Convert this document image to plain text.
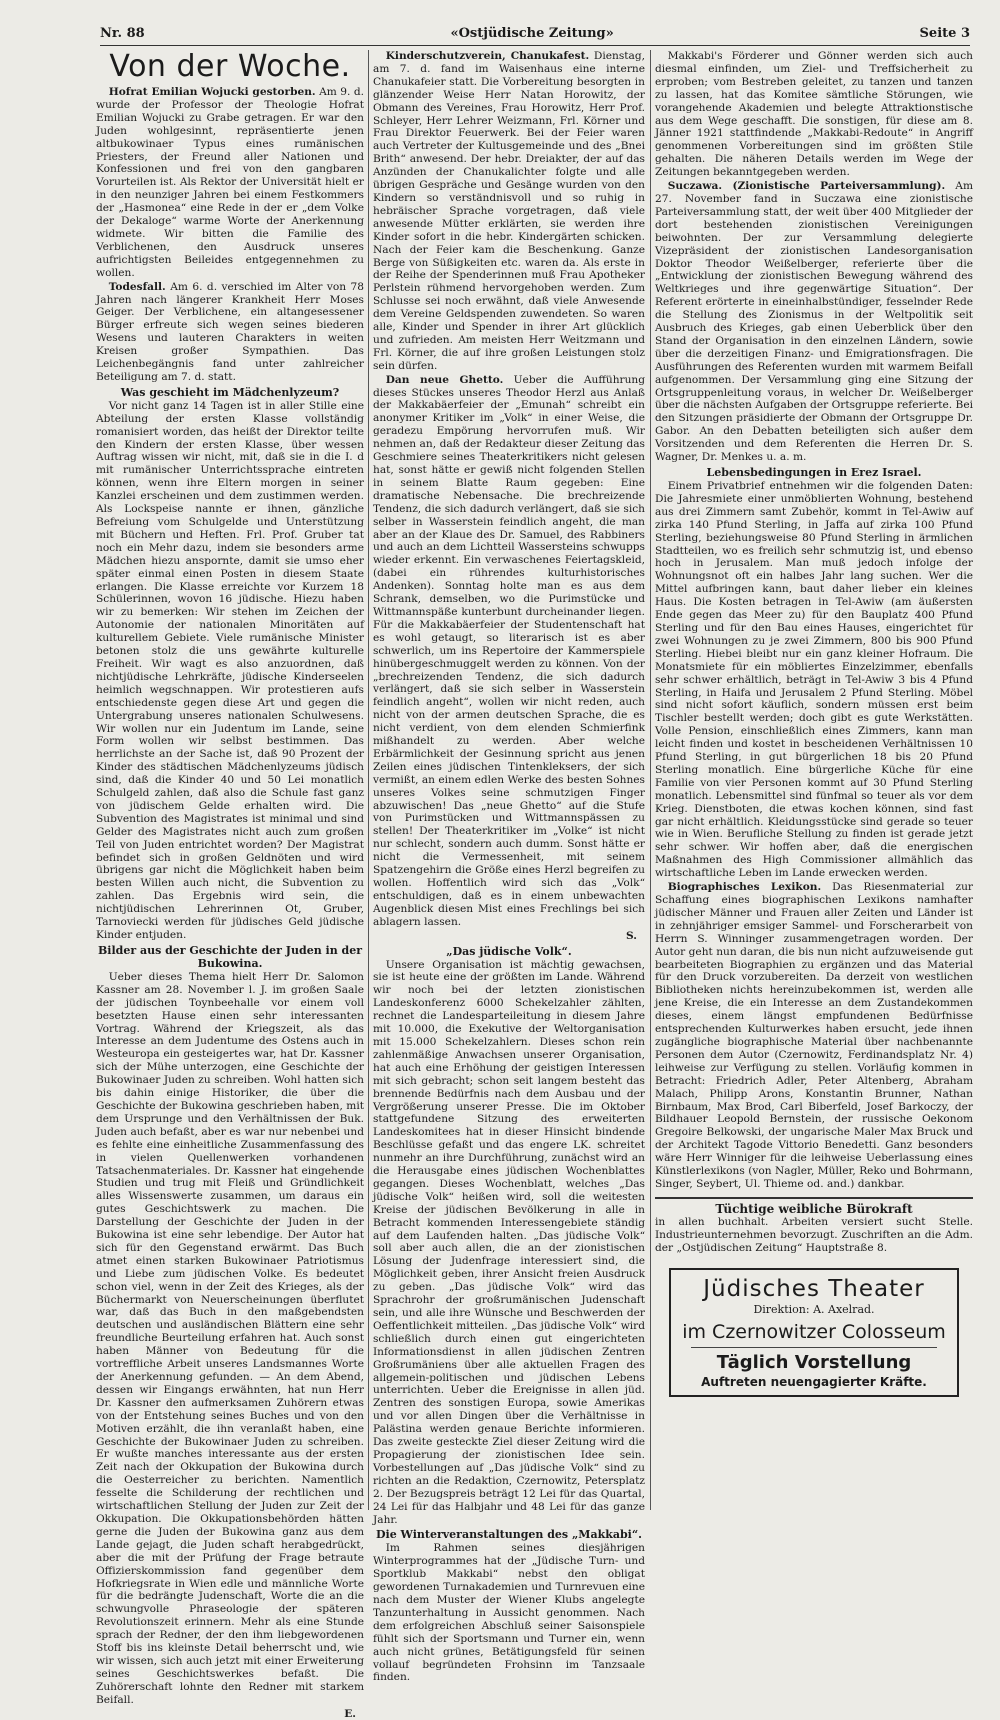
Nr. 88	«Ostjüdische Zeitung»	Seite 3
Von der Woche.

Hofrat Emilian Wojucki gestorben. Am 9. d. wurde der Professor der Theologie Hofrat Emilian Wojucki zu Grabe getragen. Er war den Juden wohlgesinnt, repräsentierte jenen altbukowinaer Typus eines rumänischen Priesters, der Freund aller Nationen und Konfessionen und frei von den gangbaren Vorurteilen ist. Als Rektor der Universität hielt er in den neunziger Jahren bei einem Festkommers der „Hasmonea“ eine Rede in der er „dem Volke der Dekaloge“ warme Worte der Anerkennung widmete. Wir bitten die Familie des Verblichenen, den Ausdruck unseres aufrichtigsten Beileides entgegennehmen zu wollen.

Todesfall. Am 6. d. verschied im Alter von 78 Jahren nach längerer Krankheit Herr Moses Geiger. Der Verblichene, ein altangesessener Bürger erfreute sich wegen seines biederen Wesens und lauteren Charakters in weiten Kreisen großer Sympathien. Das Leichenbegängnis fand unter zahlreicher Beteiligung am 7. d. statt.

Was geschieht im Mädchenlyzeum?

Vor nicht ganz 14 Tagen ist in aller Stille eine Abteilung der ersten Klasse vollständig romanisiert worden, das heißt der Direktor teilte den Kindern der ersten Klasse, über wessen Auftrag wissen wir nicht, mit, daß sie in die I. d mit rumänischer Unterrichtssprache eintreten können, wenn ihre Eltern morgen in seiner Kanzlei erscheinen und dem zustimmen werden. Als Lockspeise nannte er ihnen, gänzliche Befreiung vom Schulgelde und Unterstützung mit Büchern und Heften. Frl. Prof. Gruber tat noch ein Mehr dazu, indem sie besonders arme Mädchen hiezu anspornte, damit sie umso eher später einmal einen Posten in diesem Staate erlangen. Die Klasse erreichte vor Kurzem 18 Schülerinnen, wovon 16 jüdische. Hiezu haben wir zu bemerken: Wir stehen im Zeichen der Autonomie der nationalen Minoritäten auf kulturellem Gebiete. Viele rumänische Minister betonen stolz die uns gewährte kulturelle Freiheit. Wir wagt es also anzuordnen, daß nichtjüdische Lehrkräfte, jüdische Kinderseelen heimlich wegschnappen. Wir protestieren aufs entschiedenste gegen diese Art und gegen die Untergrabung unseres nationalen Schulwesens. Wir wollen nur ein Judentum im Lande, seine Form wollen wir selbst bestimmen. Das herrlichste an der Sache ist, daß 90 Prozent der Kinder des städtischen Mädchenlyzeums jüdisch sind, daß die Kinder 40 und 50 Lei monatlich Schulgeld zahlen, daß also die Schule fast ganz von jüdischem Gelde erhalten wird. Die Subvention des Magistrates ist minimal und sind Gelder des Magistrates nicht auch zum großen Teil von Juden entrichtet worden? Der Magistrat befindet sich in großen Geldnöten und wird übrigens gar nicht die Möglichkeit haben beim besten Willen auch nicht, die Subvention zu zahlen. Das Ergebnis wird sein, die nichtjüdischen Lehrerinnen Ot, Gruber, Tarnoviecki werden für jüdisches Geld jüdische Kinder entjuden.

Bilder aus der Geschichte der Juden in der Bukowina.

Ueber dieses Thema hielt Herr Dr. Salomon Kassner am 28. November l. J. im großen Saale der jüdischen Toynbeehalle vor einem voll besetzten Hause einen sehr interessanten Vortrag. Während der Kriegszeit, als das Interesse an dem Judentume des Ostens auch in Westeuropa ein gesteigertes war, hat Dr. Kassner sich der Mühe unterzogen, eine Geschichte der Bukowinaer Juden zu schreiben. Wohl hatten sich bis dahin einige Historiker, die über die Geschichte der Bukowina geschrieben haben, mit dem Ursprunge und den Verhältnissen der Buk. Juden auch befaßt, aber es war nur nebenbei und es fehlte eine einheitliche Zusammenfassung des in vielen Quellenwerken vorhandenen Tatsachenmateriales. Dr. Kassner hat eingehende Studien und trug mit Fleiß und Gründlichkeit alles Wissenswerte zusammen, um daraus ein gutes Geschichtswerk zu machen. Die Darstellung der Geschichte der Juden in der Bukowina ist eine sehr lebendige. Der Autor hat sich für den Gegenstand erwärmt. Das Buch atmet einen starken Bukowinaer Patriotismus und Liebe zum jüdischen Volke. Es bedeutet schon viel, wenn in der Zeit des Krieges, als der Büchermarkt von Neuerscheinungen überflutet war, daß das Buch in den maßgebendsten deutschen und ausländischen Blättern eine sehr freundliche Beurteilung erfahren hat. Auch sonst haben Männer von Bedeutung für die vortreffliche Arbeit unseres Landsmannes Worte der Anerkennung gefunden. — An dem Abend, dessen wir Eingangs erwähnten, hat nun Herr Dr. Kassner den aufmerksamen Zuhörern etwas von der Entstehung seines Buches und von den Motiven erzählt, die ihn veranlaßt haben, eine Geschichte der Bukowinaer Juden zu schreiben. Er wußte manches interessante aus der ersten Zeit nach der Okkupation der Bukowina durch die Oesterreicher zu berichten. Namentlich fesselte die Schilderung der rechtlichen und wirtschaftlichen Stellung der Juden zur Zeit der Okkupation. Die Okkupationsbehörden hätten gerne die Juden der Bukowina ganz aus dem Lande gejagt, die Juden schaft herabgedrückt, aber die mit der Prüfung der Frage betraute Offizierskommission fand gegenüber dem Hofkriegsrate in Wien edle und männliche Worte für die bedrängte Judenschaft, Worte die an die schwungvolle Phraseologie der späteren Revolutionszeit erinnern. Mehr als eine Stunde sprach der Redner, der den ihm liebgewordenen Stoff bis ins kleinste Detail beherrscht und, wie wir wissen, sich auch jetzt mit einer Erweiterung seines Geschichtswerkes befaßt. Die Zuhörerschaft lohnte den Redner mit starkem Beifall.

E.

Kinderschutzverein, Chanukafest. Dienstag, am 7. d. fand im Waisenhaus eine interne Chanukafeier statt. Die Vorbereitung besorgten in glänzender Weise Herr Natan Horowitz, der Obmann des Vereines, Frau Horowitz, Herr Prof. Schleyer, Herr Lehrer Weizmann, Frl. Körner und Frau Direktor Feuerwerk. Bei der Feier waren auch Vertreter der Kultusgemeinde und des „Bnei Brith“ anwesend. Der hebr. Dreiakter, der auf das Anzünden der Chanukalichter folgte und alle übrigen Gespräche und Gesänge wurden von den Kindern so verständnisvoll und so ruhig in hebräischer Sprache vorgetragen, daß viele anwesende Mütter erklärten, sie werden ihre Kinder sofort in die hebr. Kindergärten schicken. Nach der Feier kam die Beschenkung. Ganze Berge von Süßigkeiten etc. waren da. Als erste in der Reihe der Spenderinnen muß Frau Apotheker Perlstein rühmend hervorgehoben werden. Zum Schlusse sei noch erwähnt, daß viele Anwesende dem Vereine Geldspenden zuwendeten. So waren alle, Kinder und Spender in ihrer Art glücklich und zufrieden. Am meisten Herr Weitzmann und Frl. Körner, die auf ihre großen Leistungen stolz sein dürfen.

Dan neue Ghetto. Ueber die Aufführung dieses Stückes unseres Theodor Herzl aus Anlaß der Makkabäerfeier der „Emunah“ schreibt ein anonymer Kritiker im „Volk“ in einer Weise, die geradezu Empörung hervorrufen muß. Wir nehmen an, daß der Redakteur dieser Zeitung das Geschmiere seines Theaterkritikers nicht gelesen hat, sonst hätte er gewiß nicht folgenden Stellen in seinem Blatte Raum gegeben: Eine dramatische Nebensache. Die brechreizende Tendenz, die sich dadurch verlängert, daß sie sich selber in Wasserstein feindlich angeht, die man aber an der Klaue des Dr. Samuel, des Rabbiners und auch an dem Lichtteil Wassersteins schwupps wieder erkennt. Ein verwaschenes Feiertagskleid, (dabei ein rührendes kulturhistorisches Andenken). Sonntag holte man es aus dem Schrank, demselben, wo die Purimstücke und Wittmannspäße kunterbunt durcheinander liegen. Für die Makkabäerfeier der Studentenschaft hat es wohl getaugt, so literarisch ist es aber schwerlich, um ins Repertoire der Kammerspiele hinübergeschmuggelt werden zu können. Von der „brechreizenden Tendenz, die sich dadurch verlängert, daß sie sich selber in Wasserstein feindlich angeht“, wollen wir nicht reden, auch nicht von der armen deutschen Sprache, die es nicht verdient, von dem elenden Schmierfink mißhandelt zu werden. Aber welche Erbärmlichkeit der Gesinnung spricht aus jenen Zeilen eines jüdischen Tintenkleksers, der sich vermißt, an einem edlen Werke des besten Sohnes unseres Volkes seine schmutzigen Finger abzuwischen! Das „neue Ghetto“ auf die Stufe von Purimstücken und Wittmannspässen zu stellen! Der Theaterkritiker im „Volke“ ist nicht nur schlecht, sondern auch dumm. Sonst hätte er nicht die Vermessenheit, mit seinem Spatzengehirn die Größe eines Herzl begreifen zu wollen. Hoffentlich wird sich das „Volk“ entschuldigen, daß es in einem unbewachten Augenblick diesen Mist eines Frechlings bei sich ablagern lassen.

S.
„Das jüdische Volk“.

Unsere Organisation ist mächtig gewachsen, sie ist heute eine der größten im Lande. Während wir noch bei der letzten zionistischen Landeskonferenz 6000 Schekelzahler zählten, rechnet die Landesparteileitung in diesem Jahre mit 10.000, die Exekutive der Weltorganisation mit 15.000 Schekelzahlern. Dieses schon rein zahlenmäßige Anwachsen unserer Organisation, hat auch eine Erhöhung der geistigen Interessen mit sich gebracht; schon seit langem besteht das brennende Bedürfnis nach dem Ausbau und der Vergrößerung unserer Presse. Die im Oktober stattgefundene Sitzung des erweiterten Landeskomitees hat in dieser Hinsicht bindende Beschlüsse gefaßt und das engere LK. schreitet nunmehr an ihre Durchführung, zunächst wird an die Herausgabe eines jüdischen Wochenblattes gegangen. Dieses Wochenblatt, welches „Das jüdische Volk“ heißen wird, soll die weitesten Kreise der jüdischen Bevölkerung in alle in Betracht kommenden Interessengebiete ständig auf dem Laufenden halten. „Das jüdische Volk“ soll aber auch allen, die an der zionistischen Lösung der Judenfrage interessiert sind, die Möglichkeit geben, ihrer Ansicht freien Ausdruck zu geben. „Das jüdische Volk“ wird das Sprachrohr der großrumänischen Judenschaft sein, und alle ihre Wünsche und Beschwerden der Oeffentlichkeit mitteilen. „Das jüdische Volk“ wird schließlich durch einen gut eingerichteten Informationsdienst in allen jüdischen Zentren Großrumäniens über alle aktuellen Fragen des allgemein-politischen und jüdischen Lebens unterrichten. Ueber die Ereignisse in allen jüd. Zentren des sonstigen Europa, sowie Amerikas und vor allen Dingen über die Verhältnisse in Palästina werden genaue Berichte informieren. Das zweite gesteckte Ziel dieser Zeitung wird die Propagierung der zionistischen Idee sein. Vorbestellungen auf „Das jüdische Volk“ sind zu richten an die Redaktion, Czernowitz, Petersplatz 2. Der Bezugspreis beträgt 12 Lei für das Quartal, 24 Lei für das Halbjahr und 48 Lei für das ganze Jahr.

Die Winterveranstaltungen des „Makkabi“.

Im Rahmen seines diesjährigen Winterprogrammes hat der „Jüdische Turn- und Sportklub Makkabi“ nebst den obligat gewordenen Turnakademien und Turnrevuen eine nach dem Muster der Wiener Klubs angelegte Tanzunterhaltung in Aussicht genommen. Nach dem erfolgreichen Abschluß seiner Saisonspiele fühlt sich der Sportsmann und Turner ein, wenn auch nicht grünes, Betätigungsfeld für seinen vollauf begründeten Frohsinn im Tanzsaale finden.

Makkabi's Förderer und Gönner werden sich auch diesmal einfinden, um Ziel- und Treffsicherheit zu erproben; vom Bestreben geleitet, zu tanzen und tanzen zu lassen, hat das Komitee sämtliche Störungen, wie vorangehende Akademien und belegte Attraktionstische aus dem Wege geschafft. Die sonstigen, für diese am 8. Jänner 1921 stattfindende „Makkabi-Redoute“ in Angriff genommenen Vorbereitungen sind im größten Stile gehalten. Die näheren Details werden im Wege der Zeitungen bekanntgegeben werden.

Suczawa. (Zionistische Parteiversammlung). Am 27. November fand in Suczawa eine zionistische Parteiversammlung statt, der weit über 400 Mitglieder der dort bestehenden zionistischen Vereinigungen beiwohnten. Der zur Versammlung delegierte Vizepräsident der zionistischen Landesorganisation Doktor Theodor Weißelberger, referierte über die „Entwicklung der zionistischen Bewegung während des Weltkrieges und ihre gegenwärtige Situation“. Der Referent erörterte in eineinhalbstündiger, fesselnder Rede die Stellung des Zionismus in der Weltpolitik seit Ausbruch des Krieges, gab einen Ueberblick über den Stand der Organisation in den einzelnen Ländern, sowie über die derzeitigen Finanz- und Emigrationsfragen. Die Ausführungen des Referenten wurden mit warmem Beifall aufgenommen. Der Versammlung ging eine Sitzung der Ortsgruppenleitung voraus, in welcher Dr. Weißelberger über die nächsten Aufgaben der Ortsgruppe referierte. Bei den Sitzungen präsidierte der Obmann der Ortsgruppe Dr. Gabor. An den Debatten beteiligten sich außer dem Vorsitzenden und dem Referenten die Herren Dr. S. Wagner, Dr. Menkes u. a. m.

Lebensbedingungen in Erez Israel.

Einem Privatbrief entnehmen wir die folgenden Daten: Die Jahresmiete einer unmöblierten Wohnung, bestehend aus drei Zimmern samt Zubehör, kommt in Tel-Awiw auf zirka 140 Pfund Sterling, in Jaffa auf zirka 100 Pfund Sterling, beziehungsweise 80 Pfund Sterling in ärmlichen Stadtteilen, wo es freilich sehr schmutzig ist, und ebenso hoch in Jerusalem. Man muß jedoch infolge der Wohnungsnot oft ein halbes Jahr lang suchen. Wer die Mittel aufbringen kann, baut daher lieber ein kleines Haus. Die Kosten betragen in Tel-Awiw (am äußersten Ende gegen das Meer zu) für den Bauplatz 400 Pfund Sterling und für den Bau eines Hauses, eingerichtet für zwei Wohnungen zu je zwei Zimmern, 800 bis 900 Pfund Sterling. Hiebei bleibt nur ein ganz kleiner Hofraum. Die Monatsmiete für ein möbliertes Einzelzimmer, ebenfalls sehr schwer erhältlich, beträgt in Tel-Awiw 3 bis 4 Pfund Sterling, in Haifa und Jerusalem 2 Pfund Sterling. Möbel sind nicht sofort käuflich, sondern müssen erst beim Tischler bestellt werden; doch gibt es gute Werkstätten. Volle Pension, einschließlich eines Zimmers, kann man leicht finden und kostet in bescheidenen Verhältnissen 10 Pfund Sterling, in gut bürgerlichen 18 bis 20 Pfund Sterling monatlich. Eine bürgerliche Küche für eine Familie von vier Personen kommt auf 30 Pfund Sterling monatlich. Lebensmittel sind fünfmal so teuer als vor dem Krieg. Dienstboten, die etwas kochen können, sind fast gar nicht erhältlich. Kleidungsstücke sind gerade so teuer wie in Wien. Berufliche Stellung zu finden ist gerade jetzt sehr schwer. Wir hoffen aber, daß die energischen Maßnahmen des High Commissioner allmählich das wirtschaftliche Leben im Lande erwecken werden.

Biographisches Lexikon. Das Riesenmaterial zur Schaffung eines biographischen Lexikons namhafter jüdischer Männer und Frauen aller Zeiten und Länder ist in zehnjähriger emsiger Sammel- und Forscherarbeit von Herrn S. Winninger zusammengetragen worden. Der Autor geht nun daran, die bis nun nicht aufzuweisende gut bearbeiteten Biographien zu ergänzen und das Material für den Druck vorzubereiten. Da derzeit von westlichen Bibliotheken nichts hereinzubekommen ist, werden alle jene Kreise, die ein Interesse an dem Zustandekommen dieses, einem längst empfundenen Bedürfnisse entsprechenden Kulturwerkes haben ersucht, jede ihnen zugängliche biographische Material über nachbenannte Personen dem Autor (Czernowitz, Ferdinandsplatz Nr. 4) leihweise zur Verfügung zu stellen. Vorläufig kommen in Betracht: Friedrich Adler, Peter Altenberg, Abraham Malach, Philipp Arons, Konstantin Brunner, Nathan Birnbaum, Max Brod, Carl Biberfeld, Josef Barkoczy, der Bildhauer Leopold Bernstein, der russische Oekonom Gregoire Belkowski, der ungarische Maler Max Bruck und der Architekt Tagode Vittorio Benedetti. Ganz besonders wäre Herr Winniger für die leihweise Ueberlassung eines Künstlerlexikons (von Nagler, Müller, Reko und Bohrmann, Singer, Seybert, Ul. Thieme od. and.) dankbar.

Tüchtige weibliche Bürokraft
in allen buchhalt. Arbeiten versiert sucht Stelle. Industrieunternehmen bevorzugt. Zuschriften an die Adm. der „Ostjüdischen Zeitung“ Hauptstraße 8.
Jüdisches Theater
Direktion: A. Axelrad.
im Czernowitzer Colosseum
Täglich Vorstellung
Auftreten neuengagierter Kräfte.
